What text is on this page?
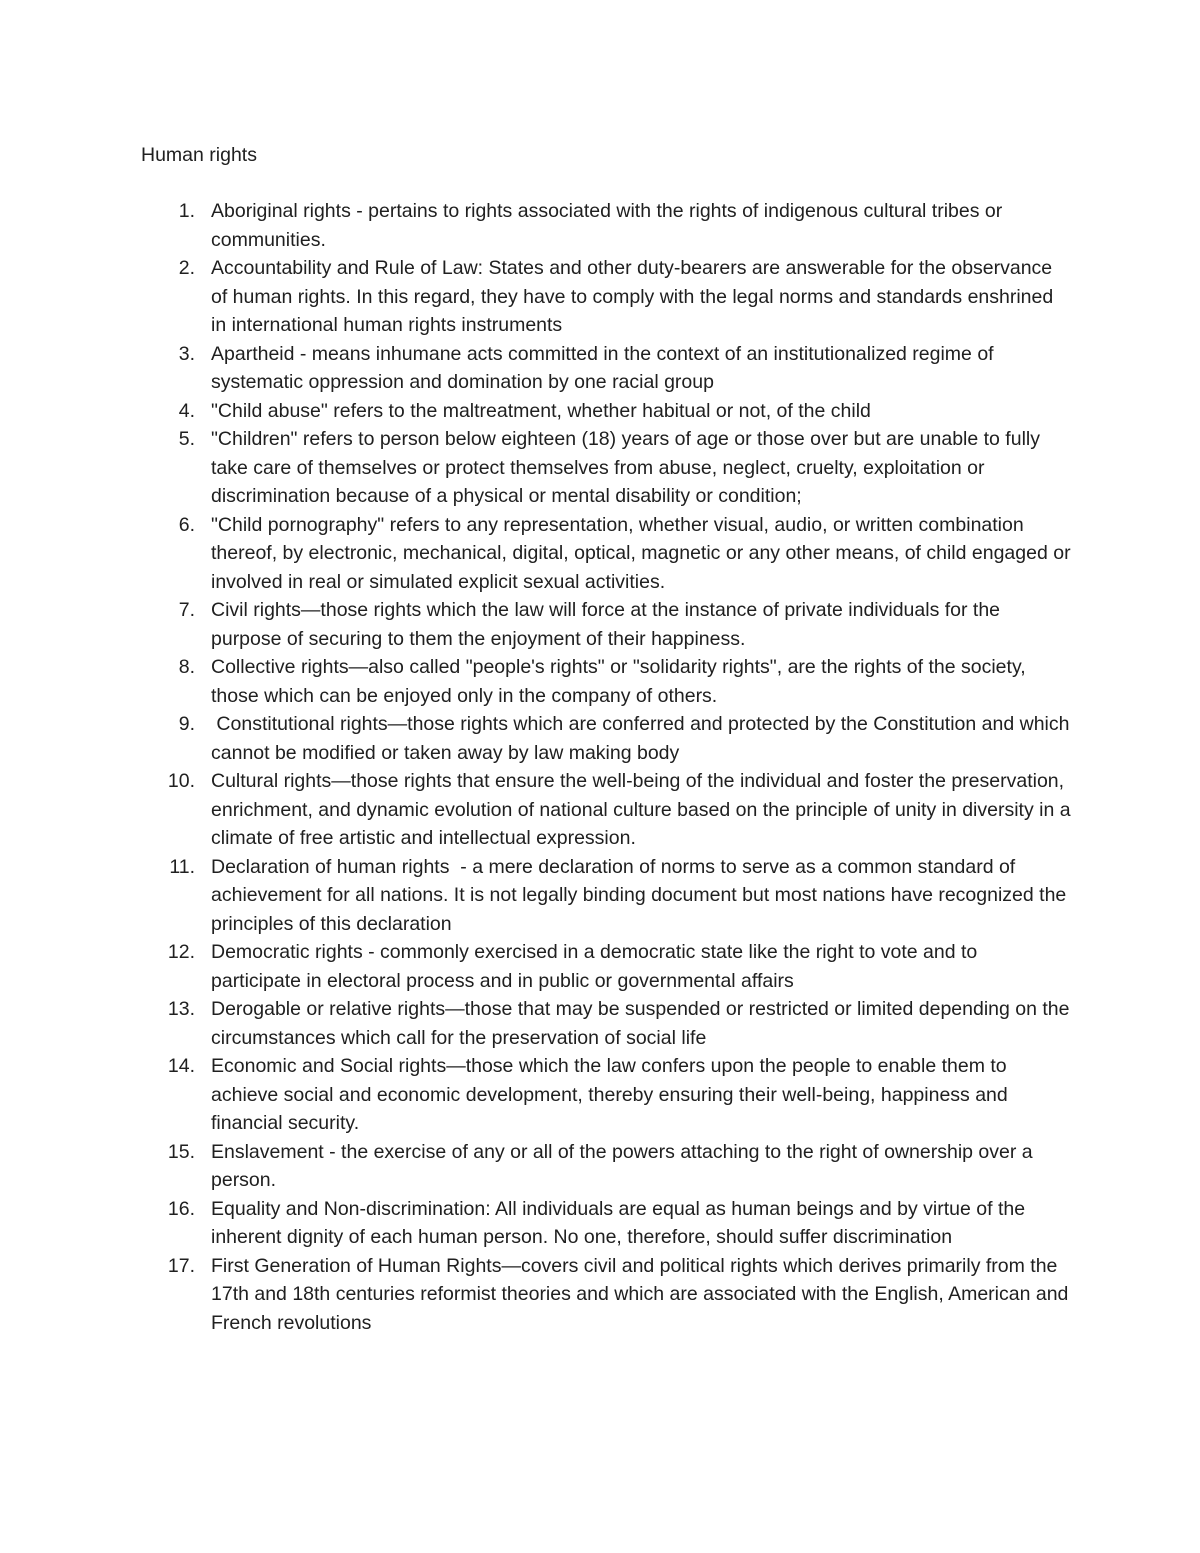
Human rights
1. Aboriginal rights - pertains to rights associated with the rights of indigenous cultural tribes or communities.
2. Accountability and Rule of Law: States and other duty-bearers are answerable for the observance of human rights. In this regard, they have to comply with the legal norms and standards enshrined in international human rights instruments
3. Apartheid - means inhumane acts committed in the context of an institutionalized regime of systematic oppression and domination by one racial group
4. "Child abuse" refers to the maltreatment, whether habitual or not, of the child
5. "Children" refers to person below eighteen (18) years of age or those over but are unable to fully take care of themselves or protect themselves from abuse, neglect, cruelty, exploitation or discrimination because of a physical or mental disability or condition;
6. "Child pornography" refers to any representation, whether visual, audio, or written combination thereof, by electronic, mechanical, digital, optical, magnetic or any other means, of child engaged or involved in real or simulated explicit sexual activities.
7. Civil rights—those rights which the law will force at the instance of private individuals for the purpose of securing to them the enjoyment of their happiness.
8. Collective rights—also called "people's rights" or "solidarity rights", are the rights of the society, those which can be enjoyed only in the company of others.
9. Constitutional rights—those rights which are conferred and protected by the Constitution and which cannot be modified or taken away by law making body
10. Cultural rights—those rights that ensure the well-being of the individual and foster the preservation, enrichment, and dynamic evolution of national culture based on the principle of unity in diversity in a climate of free artistic and intellectual expression.
11. Declaration of human rights  - a mere declaration of norms to serve as a common standard of achievement for all nations. It is not legally binding document but most nations have recognized the principles of this declaration
12. Democratic rights - commonly exercised in a democratic state like the right to vote and to participate in electoral process and in public or governmental affairs
13. Derogable or relative rights—those that may be suspended or restricted or limited depending on the circumstances which call for the preservation of social life
14. Economic and Social rights—those which the law confers upon the people to enable them to achieve social and economic development, thereby ensuring their well-being, happiness and financial security.
15. Enslavement - the exercise of any or all of the powers attaching to the right of ownership over a person.
16. Equality and Non-discrimination: All individuals are equal as human beings and by virtue of the inherent dignity of each human person. No one, therefore, should suffer discrimination
17. First Generation of Human Rights—covers civil and political rights which derives primarily from the 17th and 18th centuries reformist theories and which are associated with the English, American and French revolutions
